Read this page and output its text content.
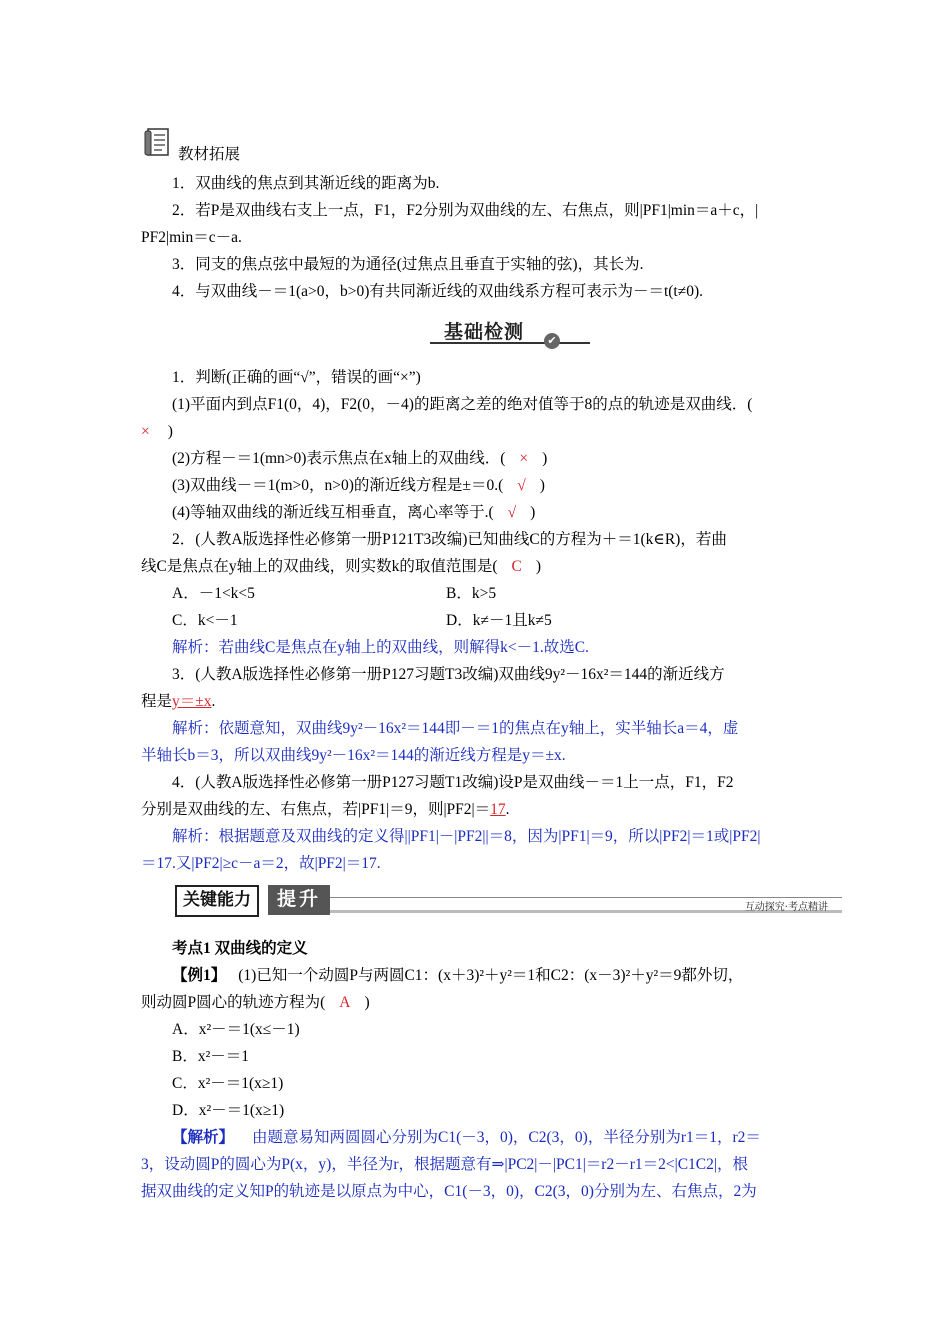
教材拓展
1．双曲线的焦点到其渐近线的距离为b.
2．若P是双曲线右支上一点，F1，F2分别为双曲线的左、右焦点，则|PF1|min＝a＋c，|
PF2|min＝c－a.
3．同支的焦点弦中最短的为通径(过焦点且垂直于实轴的弦)，其长为.
4．与双曲线－＝1(a>0，b>0)有共同渐近线的双曲线系方程可表示为－＝t(t≠0).
基础检测	✔
1．判断(正确的画“√”，错误的画“×”)
(1)平面内到点F1(0，4)，F2(0，－4)的距离之差的绝对值等于8的点的轨迹是双曲线．(
× )
(2)方程－＝1(mn>0)表示焦点在x轴上的双曲线．( × )
(3)双曲线－＝1(m>0，n>0)的渐近线方程是±＝0.( √ )
(4)等轴双曲线的渐近线互相垂直，离心率等于.( √ )
2．(人教A版选择性必修第一册P121T3改编)已知曲线C的方程为＋＝1(k∈R)，若曲
线C是焦点在y轴上的双曲线，则实数k的取值范围是( C )
A．－1<k<5	B．k>5
C．k<－1	D．k≠－1且k≠5
解析：若曲线C是焦点在y轴上的双曲线，则解得k<－1.故选C.
3．(人教A版选择性必修第一册P127习题T3改编)双曲线9y²－16x²＝144的渐近线方
程是y＝±x.
解析：依题意知，双曲线9y²－16x²＝144即－＝1的焦点在y轴上，实半轴长a＝4，虚
半轴长b＝3，所以双曲线9y²－16x²＝144的渐近线方程是y＝±x.
4．(人教A版选择性必修第一册P127习题T1改编)设P是双曲线－＝1上一点，F1，F2
分别是双曲线的左、右焦点，若|PF1|＝9，则|PF2|＝17.
解析：根据题意及双曲线的定义得||PF1|－|PF2||＝8，因为|PF1|＝9，所以|PF2|＝1或|PF2|
＝17.又|PF2|≥c－a＝2，故|PF2|＝17.
关键能力	提升	互动探究·考点精讲
考点1 双曲线的定义
【例1】 (1)已知一个动圆P与两圆C1：(x＋3)²＋y²＝1和C2：(x－3)²＋y²＝9都外切，
则动圆P圆心的轨迹方程为( A )
A．x²－＝1(x≤－1)
B．x²－＝1
C．x²－＝1(x≥1)
D．x²－＝1(x≥1)
【解析】 由题意易知两圆圆心分别为C1(－3，0)，C2(3，0)，半径分别为r1＝1，r2＝
3，设动圆P的圆心为P(x，y)，半径为r，根据题意有⇒|PC2|－|PC1|＝r2－r1＝2<|C1C2|，根
据双曲线的定义知P的轨迹是以原点为中心，C1(－3，0)，C2(3，0)分别为左、右焦点，2为
